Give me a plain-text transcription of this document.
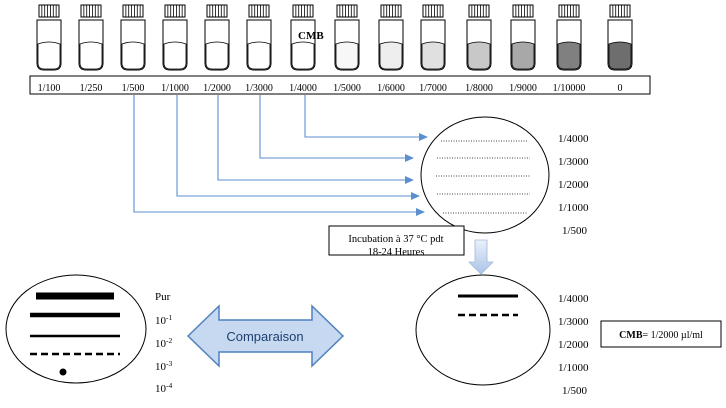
CMB
1/100 1/250 1/500 1/1000 1/2000 1/3000 1/4000 1/5000 1/6000 1/7000 1/8000 1/9000 1/10000	0
1/4000
1/3000
1/2000
1/1000
1/500
Incubation à 37 °C pdt
18-24 Heures
Pur
$10^{-1}$
$10^{-2}$
$10^{-3}$
$10^{-4}$
Comparaison
1/4000
1/3000
1/2000
1/1000
1/500
CMB= 1/2000 µl/ml
